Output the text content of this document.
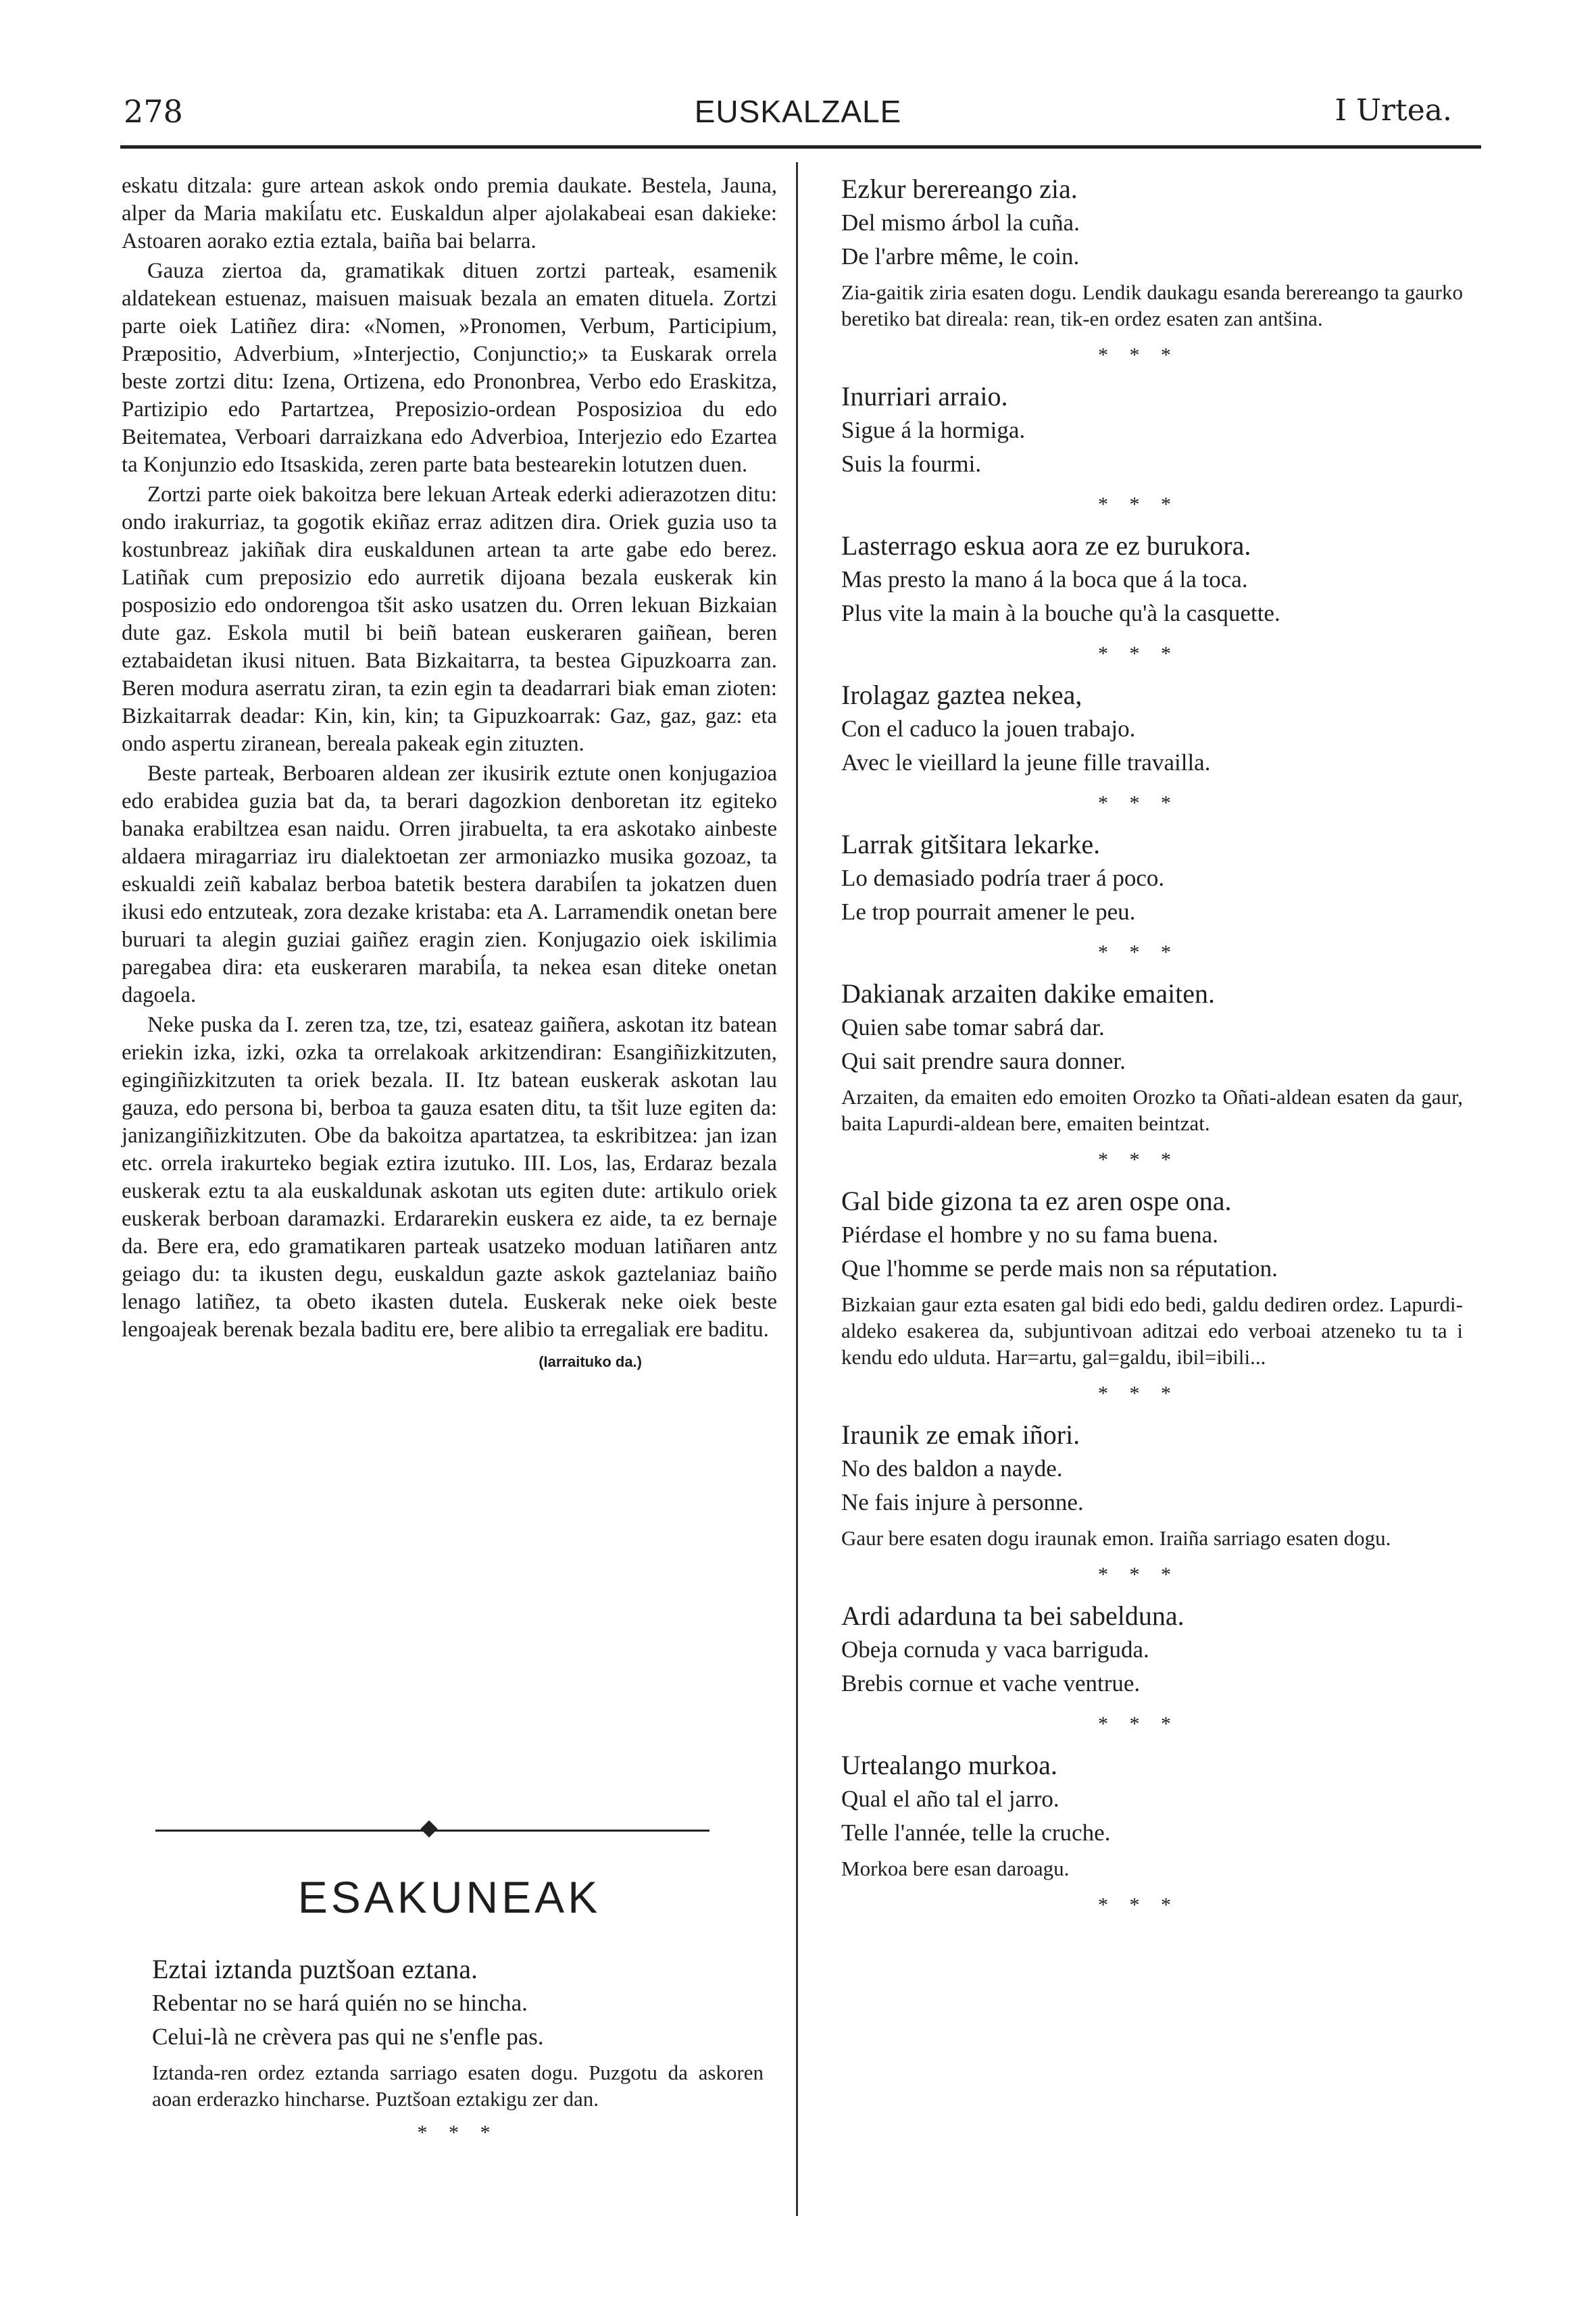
278	EUSKALZALE	I Urtea.

eskatu ditzala: gure artean askok ondo premia daukate. Bestela, Jauna, alper da Maria makiĺatu etc. Euskaldun alper ajolakabeai esan dakieke: Astoaren aorako eztia eztala, baiña bai belarra.

Gauza ziertoa da, gramatikak dituen zortzi parteak, esamenik aldatekean estuenaz, maisuen maisuak bezala an ematen dituela. Zortzi parte oiek Latiñez dira: «Nomen, »Pronomen, Verbum, Participium, Præpositio, Adverbium, »Interjectio, Conjunctio;» ta Euskarak orrela beste zortzi ditu: Izena, Ortizena, edo Prononbrea, Verbo edo Eraskitza, Partizipio edo Partartzea, Preposizio-ordean Posposizioa du edo Beitematea, Verboari darraizkana edo Adverbioa, Interjezio edo Ezartea ta Konjunzio edo Itsaskida, zeren parte bata bestearekin lotutzen duen.

Zortzi parte oiek bakoitza bere lekuan Arteak ederki adierazotzen ditu: ondo irakurriaz, ta gogotik ekiñaz erraz aditzen dira. Oriek guzia uso ta kostunbreaz jakiñak dira euskaldunen artean ta arte gabe edo berez. Latiñak cum preposizio edo aurretik dijoana bezala euskerak kin posposizio edo ondorengoa tšit asko usatzen du. Orren lekuan Bizkaian dute gaz. Eskola mutil bi beiñ batean euskeraren gaiñean, beren eztabaidetan ikusi nituen. Bata Bizkaitarra, ta bestea Gipuzkoarra zan. Beren modura aserratu ziran, ta ezin egin ta deadarrari biak eman zioten: Bizkaitarrak deadar: Kin, kin, kin; ta Gipuzkoarrak: Gaz, gaz, gaz: eta ondo aspertu ziranean, bereala pakeak egin zituzten.

Beste parteak, Berboaren aldean zer ikusirik eztute onen konjugazioa edo erabidea guzia bat da, ta berari dagozkion denboretan itz egiteko banaka erabiltzea esan naidu. Orren jirabuelta, ta era askotako ainbeste aldaera miragarriaz iru dialektoetan zer armoniazko musika gozoaz, ta eskualdi zeiñ kabalaz berboa batetik bestera darabiĺen ta jokatzen duen ikusi edo entzuteak, zora dezake kristaba: eta A. Larramendik onetan bere buruari ta alegin guziai gaiñez eragin zien. Konjugazio oiek iskilimia paregabea dira: eta euskeraren marabiĺa, ta nekea esan diteke onetan dagoela.

Neke puska da I. zeren tza, tze, tzi, esateaz gaiñera, askotan itz batean eriekin izka, izki, ozka ta orrelakoak arkitzendiran: Esangiñizkitzuten, egingiñizkitzuten ta oriek bezala. II. Itz batean euskerak askotan lau gauza, edo persona bi, berboa ta gauza esaten ditu, ta tšit luze egiten da: janizangiñizkitzuten. Obe da bakoitza apartatzea, ta eskribitzea: jan izan etc. orrela irakurteko begiak eztira izutuko. III. Los, las, Erdaraz bezala euskerak eztu ta ala euskaldunak askotan uts egiten dute: artikulo oriek euskerak berboan daramazki. Erdararekin euskera ez aide, ta ez bernaje da. Bere era, edo gramatikaren parteak usatzeko moduan latiñaren antz geiago du: ta ikusten degu, euskaldun gazte askok gaztelaniaz baiño lenago latiñez, ta obeto ikasten dutela. Euskerak neke oiek beste lengoajeak berenak bezala baditu ere, bere alibio ta erregaliak ere baditu.

(Iarraituko da.)

ESAKUNEAK

Eztai iztanda puztšoan eztana.

Rebentar no se hará quién no se hincha.

Celui-là ne crèvera pas qui ne s'enfle pas.

Iztanda-ren ordez eztanda sarriago esaten dogu. Puzgotu da askoren aoan erderazko hincharse. Puztšoan eztakigu zer dan.

* * *

Ezkur berereango zia.

Del mismo árbol la cuña.

De l'arbre même, le coin.

Zia-gaitik ziria esaten dogu. Lendik daukagu esanda berereango ta gaurko beretiko bat direala: rean, tik-en ordez esaten zan antšina.

* * *

Inurriari arraio.

Sigue á la hormiga.

Suis la fourmi.

* * *

Lasterrago eskua aora ze ez burukora.

Mas presto la mano á la boca que á la toca.

Plus vite la main à la bouche qu'à la casquette.

* * *

Irolagaz gaztea nekea,

Con el caduco la jouen trabajo.

Avec le vieillard la jeune fille travailla.

* * *

Larrak gitšitara lekarke.

Lo demasiado podría traer á poco.

Le trop pourrait amener le peu.

* * *

Dakianak arzaiten dakike emaiten.

Quien sabe tomar sabrá dar.

Qui sait prendre saura donner.

Arzaiten, da emaiten edo emoiten Orozko ta Oñati-aldean esaten da gaur, baita Lapurdi-aldean bere, emaiten beintzat.

* * *

Gal bide gizona ta ez aren ospe ona.

Piérdase el hombre y no su fama buena.

Que l'homme se perde mais non sa réputation.

Bizkaian gaur ezta esaten gal bidi edo bedi, galdu dediren ordez. Lapurdi-aldeko esakerea da, subjuntivoan aditzai edo verboai atzeneko tu ta i kendu edo ulduta. Har=artu, gal=galdu, ibil=ibili...

* * *

Iraunik ze emak iñori.

No des baldon a nayde.

Ne fais injure à personne.

Gaur bere esaten dogu iraunak emon. Iraiña sarriago esaten dogu.

* * *

Ardi adarduna ta bei sabelduna.

Obeja cornuda y vaca barriguda.

Brebis cornue et vache ventrue.

* * *

Urtealango murkoa.

Qual el año tal el jarro.

Telle l'année, telle la cruche.

Morkoa bere esan daroagu.

* * *
